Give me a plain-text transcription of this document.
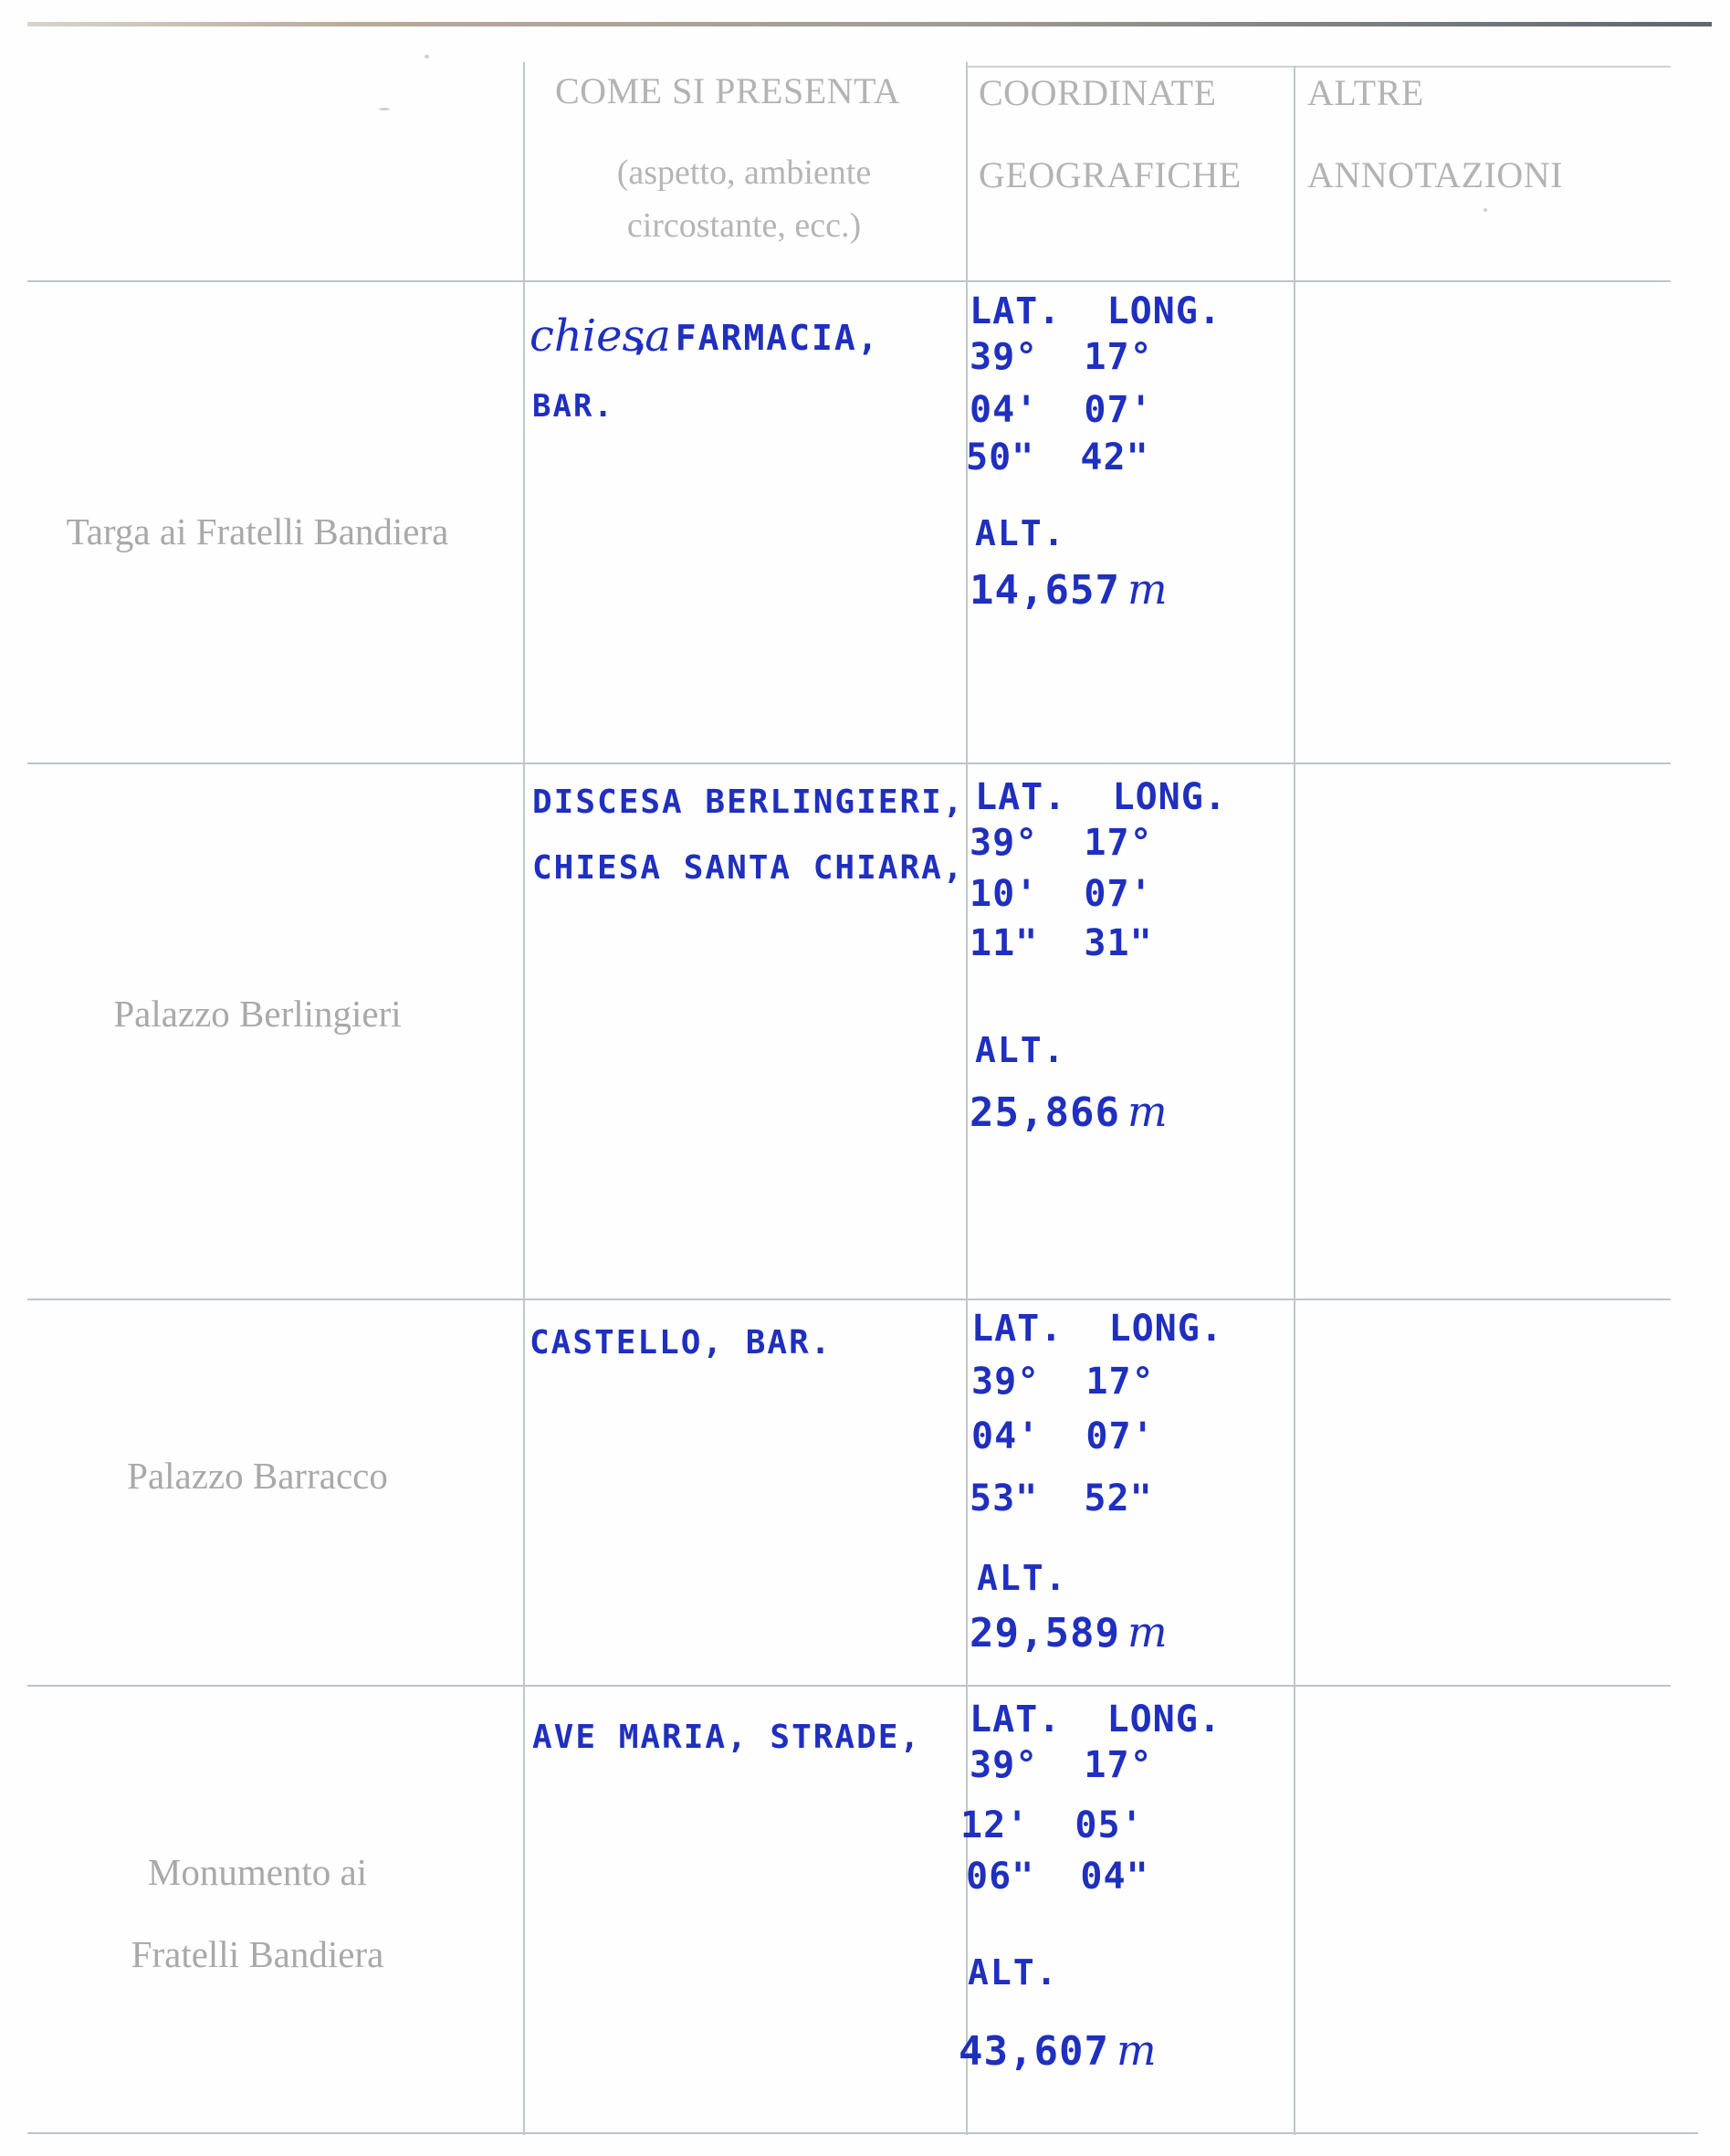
COME SI PRESENTA
(aspetto, ambiente
circostante, ecc.)
COORDINATE
GEOGRAFICHE
ALTRE
ANNOTAZIONI
Targa ai Fratelli Bandiera
chiesa
, FARMACIA,
BAR.
LAT.  LONG.
39°  17°
04'  07'
50"  42"
ALT.
14,657 m
Palazzo Berlingieri
DISCESA BERLINGIERI,
CHIESA SANTA CHIARA,
LAT.  LONG.
39°  17°
10'  07'
11"  31"
ALT.
25,866 m
Palazzo Barracco
CASTELLO, BAR.	LAT.  LONG.
39°  17°
04'  07'
53"  52"
ALT.
29,589 m
Monumento ai
Fratelli Bandiera
AVE MARIA, STRADE, LAT.  LONG.
39°  17°
12'  05'
06"  04"
ALT.
43,607 m
